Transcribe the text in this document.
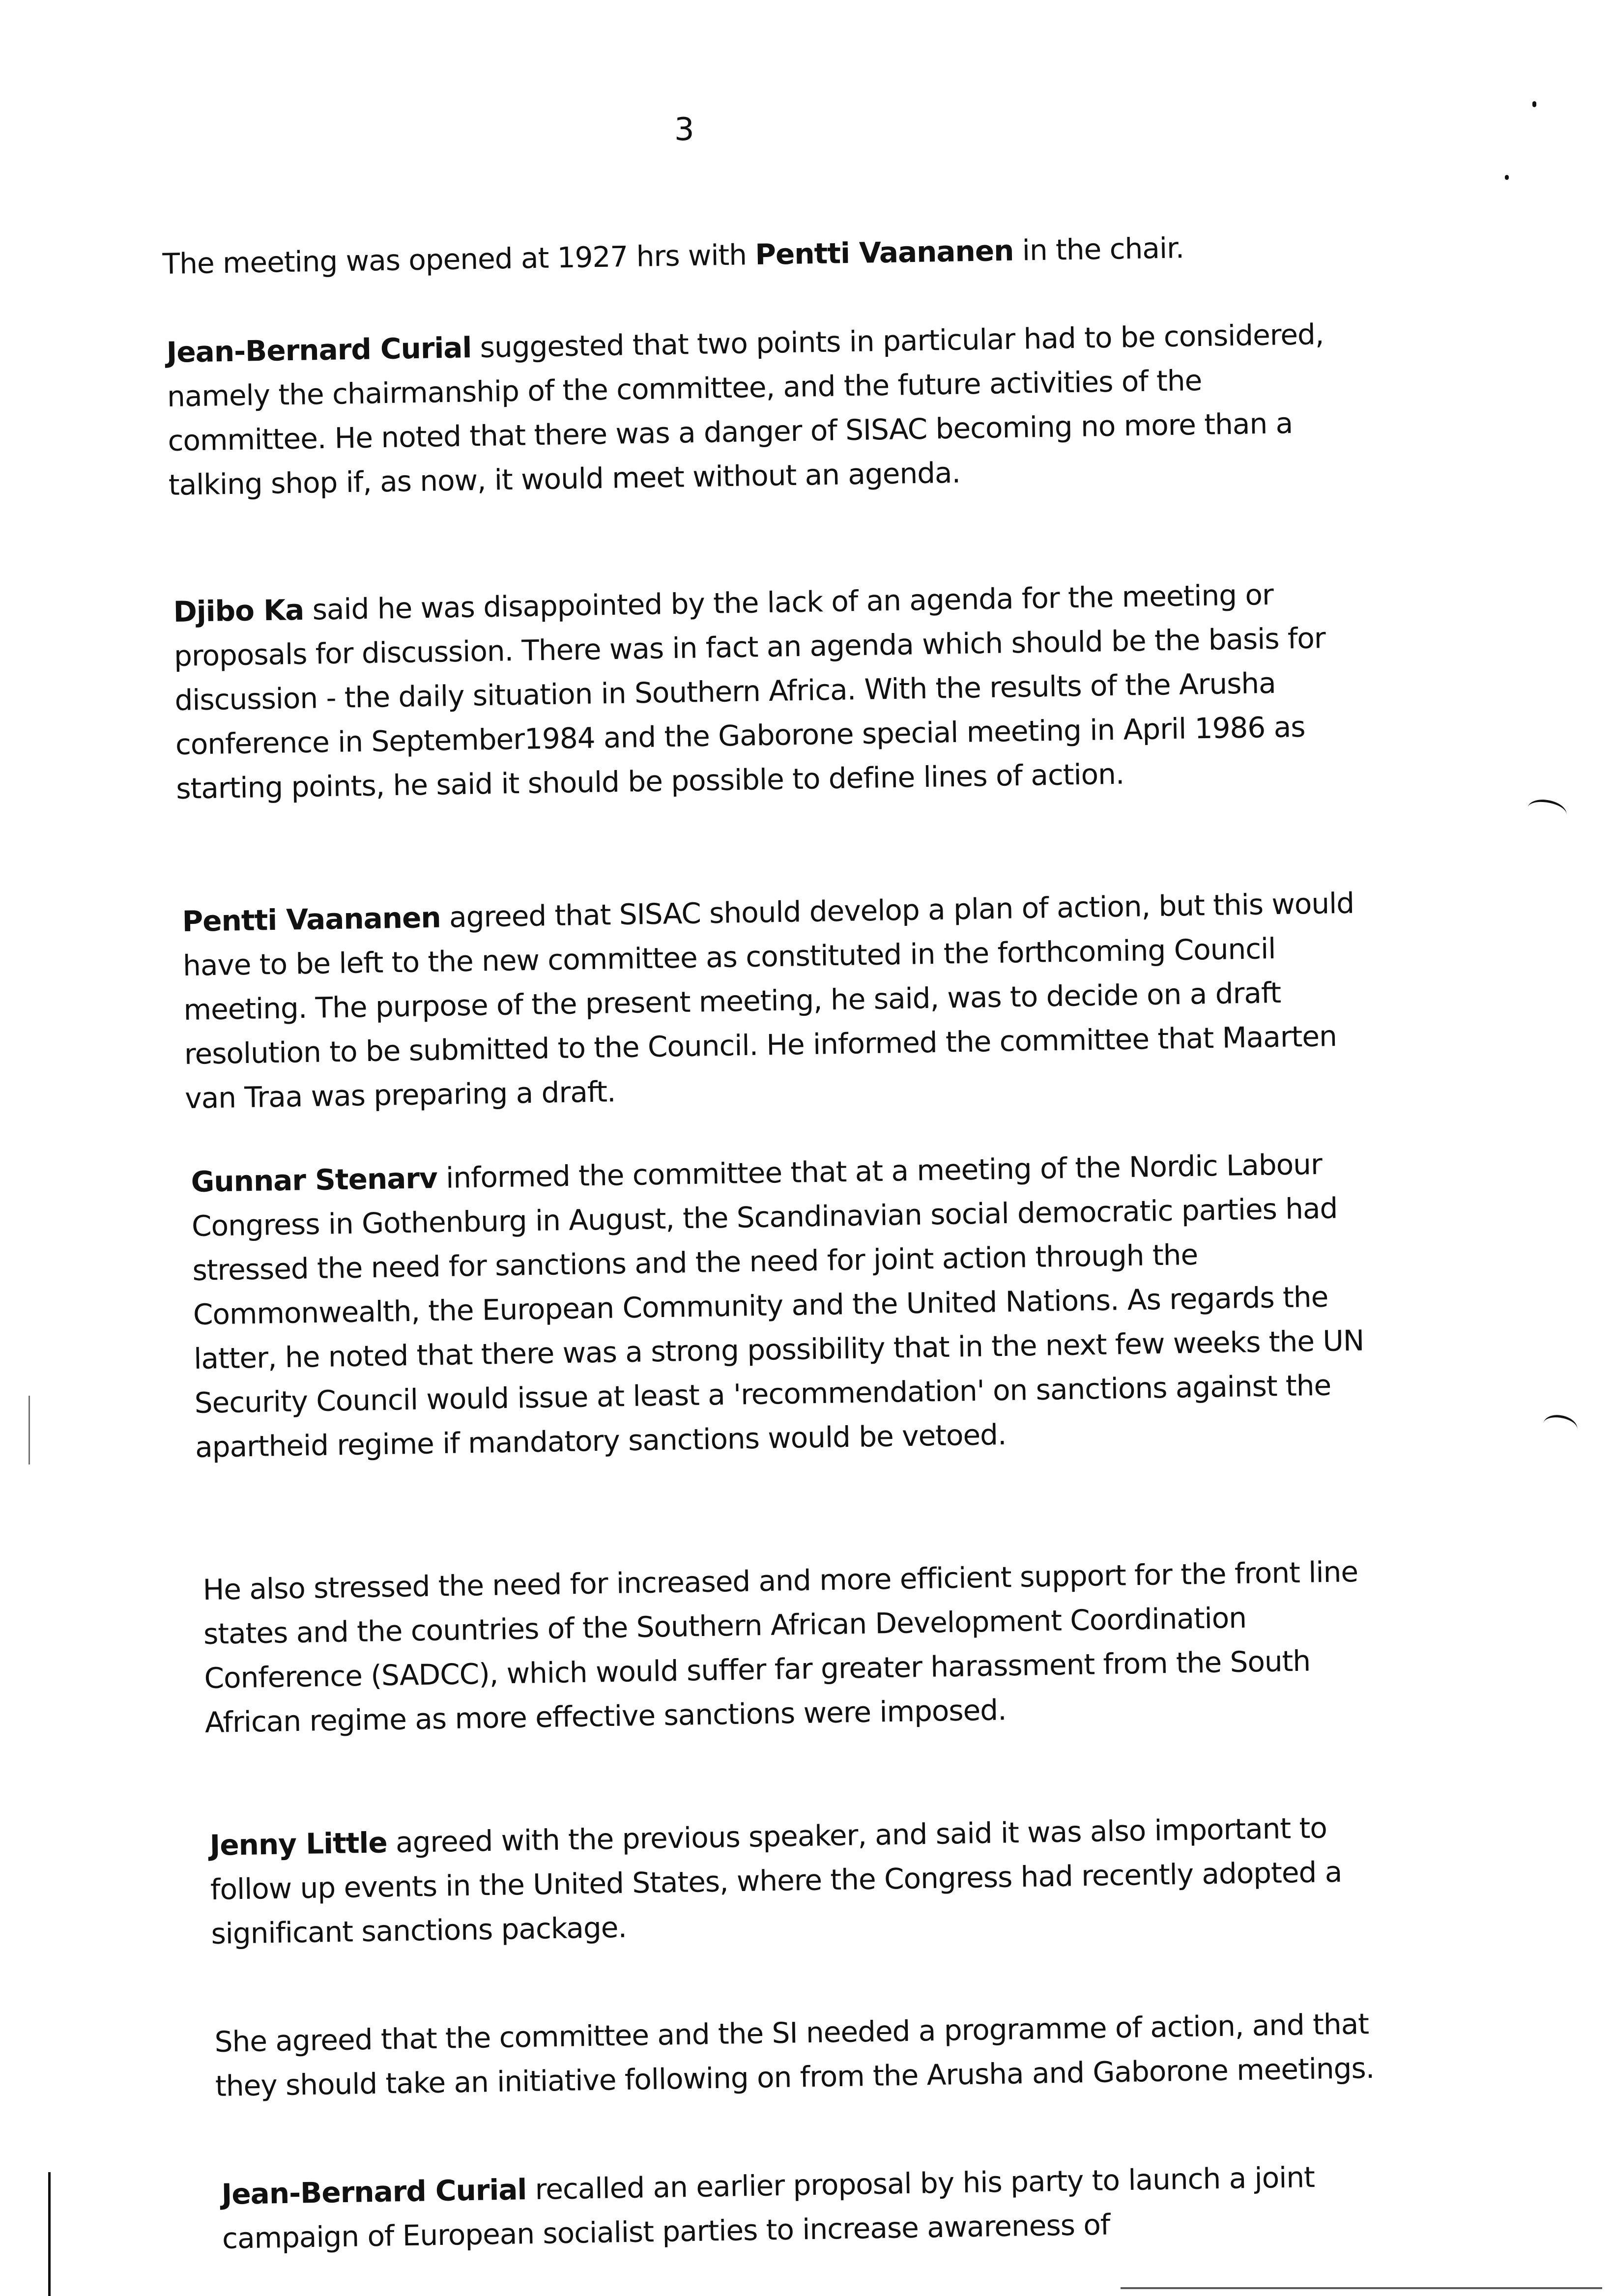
3
The meeting was opened at 1927 hrs with Pentti Vaananen in the chair.
Jean-Bernard Curial suggested that two points in particular had to be considered, namely the chairmanship of the committee, and the future activities of the committee. He noted that there was a danger of SISAC becoming no more than a talking shop if, as now, it would meet without an agenda.
Djibo Ka said he was disappointed by the lack of an agenda for the meeting or proposals for discussion. There was in fact an agenda which should be the basis for discussion - the daily situation in Southern Africa. With the results of the Arusha conference in September1984 and the Gaborone special meeting in April 1986 as starting points, he said it should be possible to define lines of action.
Pentti Vaananen agreed that SISAC should develop a plan of action, but this would have to be left to the new committee as constituted in the forthcoming Council meeting. The purpose of the present meeting, he said, was to decide on a draft resolution to be submitted to the Council. He informed the committee that Maarten van Traa was preparing a draft.
Gunnar Stenarv informed the committee that at a meeting of the Nordic Labour Congress in Gothenburg in August, the Scandinavian social democratic parties had stressed the need for sanctions and the need for joint action through the Commonwealth, the European Community and the United Nations. As regards the latter, he noted that there was a strong possibility that in the next few weeks the UN Security Council would issue at least a 'recommendation' on sanctions against the apartheid regime if mandatory sanctions would be vetoed.
He also stressed the need for increased and more efficient support for the front line states and the countries of the Southern African Development Coordination Conference (SADCC), which would suffer far greater harassment from the South African regime as more effective sanctions were imposed.
Jenny Little agreed with the previous speaker, and said it was also important to follow up events in the United States, where the Congress had recently adopted a significant sanctions package.
She agreed that the committee and the SI needed a programme of action, and that they should take an initiative following on from the Arusha and Gaborone meetings.
Jean-Bernard Curial recalled an earlier proposal by his party to launch a joint campaign of European socialist parties to increase awareness of
